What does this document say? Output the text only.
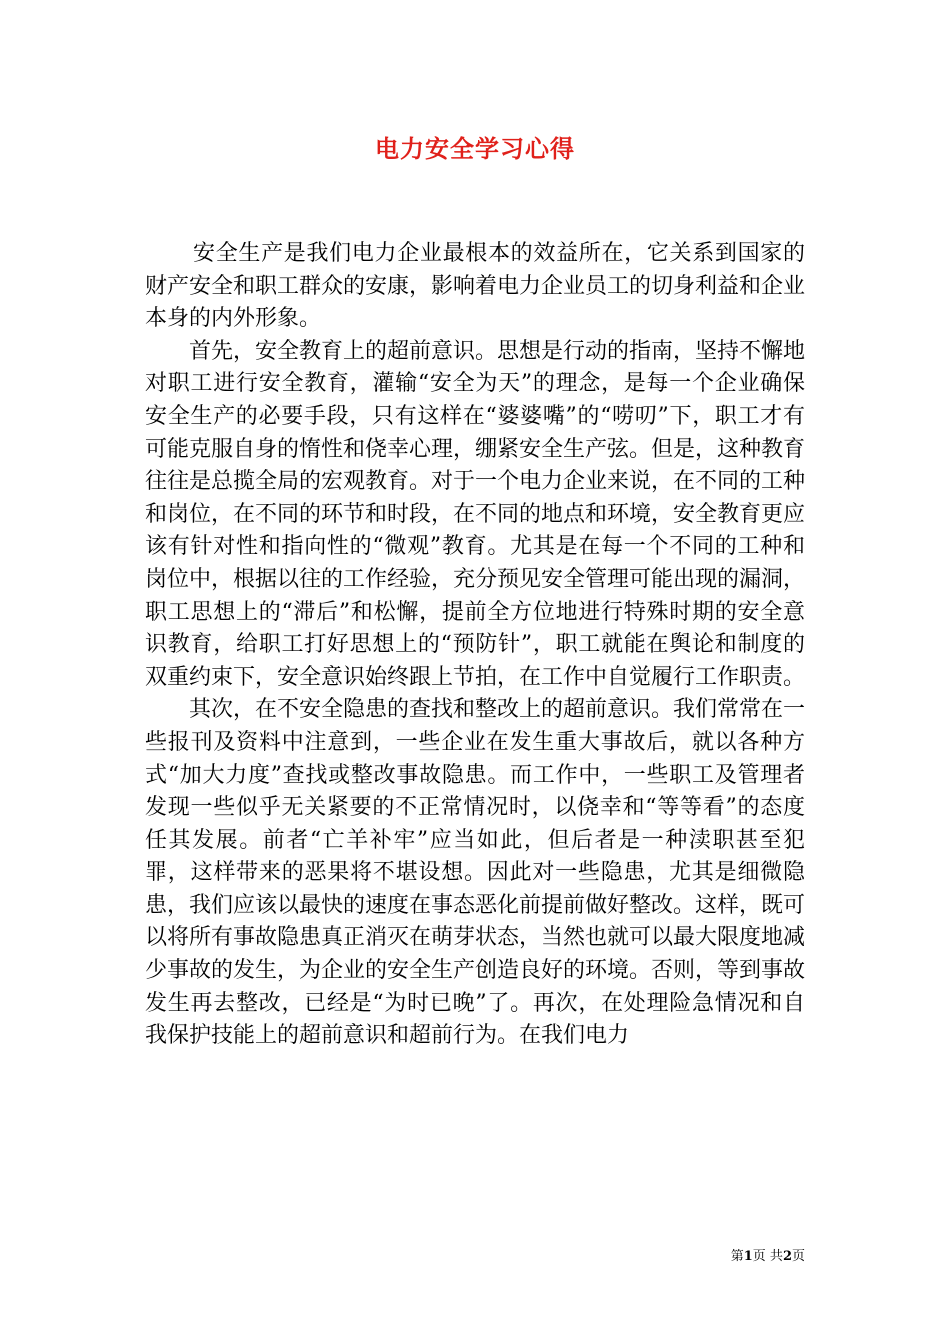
电力安全学习心得

安全生产是我们电力企业最根本的效益所在，它关系到国家的财产安全和职工群众的安康，影响着电力企业员工的切身利益和企业本身的内外形象。

首先，安全教育上的超前意识。思想是行动的指南，坚持不懈地对职工进行安全教育，灌输“安全为天”的理念，是每一个企业确保安全生产的必要手段，只有这样在“婆婆嘴”的“唠叨”下，职工才有可能克服自身的惰性和侥幸心理，绷紧安全生产弦。但是，这种教育往往是总揽全局的宏观教育。对于一个电力企业来说，在不同的工种和岗位，在不同的环节和时段，在不同的地点和环境，安全教育更应该有针对性和指向性的“微观”教育。尤其是在每一个不同的工种和岗位中，根据以往的工作经验，充分预见安全管理可能出现的漏洞，职工思想上的“滞后”和松懈，提前全方位地进行特殊时期的安全意识教育，给职工打好思想上的“预防针”，职工就能在舆论和制度的双重约束下，安全意识始终跟上节拍，在工作中自觉履行工作职责。

其次，在不安全隐患的查找和整改上的超前意识。我们常常在一些报刊及资料中注意到，一些企业在发生重大事故后，就以各种方式“加大力度”查找或整改事故隐患。而工作中，一些职工及管理者发现一些似乎无关紧要的不正常情况时，以侥幸和“等等看”的态度任其发展。前者“亡羊补牢”应当如此，但后者是一种渎职甚至犯罪，这样带来的恶果将不堪设想。因此对一些隐患，尤其是细微隐患，我们应该以最快的速度在事态恶化前提前做好整改。这样，既可以将所有事故隐患真正消灭在萌芽状态，当然也就可以最大限度地减少事故的发生，为企业的安全生产创造良好的环境。否则，等到事故发生再去整改，已经是“为时已晚”了。再次，在处理险急情况和自我保护技能上的超前意识和超前行为。在我们电力

第1页 共2页
